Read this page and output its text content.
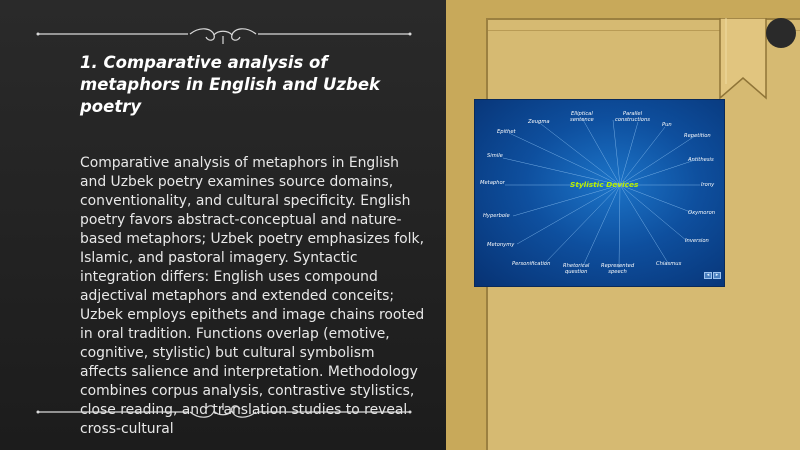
1. Comparative analysis of metaphors in English and Uzbek poetry
Comparative analysis of metaphors in English and Uzbek poetry examines source domains, conventionality, and cultural specificity. English poetry favors abstract-conceptual and nature-based metaphors; Uzbek poetry emphasizes folk, Islamic, and pastoral imagery. Syntactic integration differs: English uses compound adjectival metaphors and extended conceits; Uzbek employs epithets and image chains rooted in oral tradition. Functions overlap (emotive, cognitive, stylistic) but cultural symbolism affects salience and interpretation. Methodology combines corpus analysis, contrastive stylistics, close reading, and translation studies to reveal cross-cultural
Stylistic Devices
Zeugma
Elliptical
sentence
Parallel
constructions
Pun
Epithet
Repetition
Simile
Antithesis
Metaphor	Irony
Hyperbole	Oxymoron
Metonymy
Inversion
Personification Rhetorical
question
Represented
speech
Chiasmus
◂	▸
